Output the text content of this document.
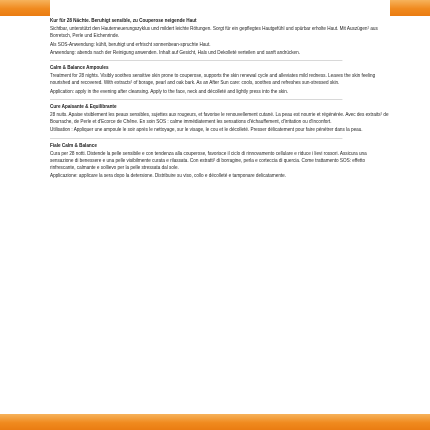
Kur für 28 Nächte. Beruhigt sensible, zu Couperose neigende Haut

Sichtbar, unterstützt den Hauterneuerungszyklus und mildert leichte Rötungen. Sorgt für ein gepflegtes Hautgefühl und spürbar erholte Haut. Mit Auszügen¹ aus Borretsch, Perle und Eichenrinde.

Als SOS-Anwendung: kühlt, beruhigt und erfrischt sonnenbean-spruchte Haut.

Anwendung: abends nach der Reinigung anwenden. Inhalt auf Gesicht, Hals und Dekolleté verteilen und sanft andrücken.

Calm & Balance Ampoules

Treatment for 28 nights. Visibly soothes sensitive skin prone to couperose, supports the skin renewal cycle and alleviates mild redness. Leaves the skin feeling nourished and recovered. With extracts¹ of borage, pearl and oak bark. As an After Sun care: cools, soothes and refreshes sun-stressed skin.

Application: apply in the evening after cleansing. Apply to the face, neck and décolleté and lightly press into the skin.

Cure Apaisante & Equilibrante

28 nuits. Apaise visiblement les peaux sensibles, sujettes aux rougeurs, et favorise le renouvellement cutané. La peau est nourrie et régénérée. Avec des extraits¹ de Bourrache, de Perle et d'Ecorce de Chêne. En soin SOS : calme immédiatement les sensations d'échauffement, d'irritation ou d'inconfort.

Utilisation : Appliquer une ampoule le soir après le nettoyage, sur le visage, le cou et le décolleté. Presser délicatement pour faire pénétrer dans la peau.

Fiale Calm & Balance

Cura per 28 notti. Distende la pelle sensibile e con tendenza alla couperose, favorisce il ciclo di rinnovamento cellulare e riduce i lievi rossori. Assicura una sensazione di benessere e una pelle visibilmente curata e rilassata. Con estratti¹ di borragine, perla e corteccia di quercia. Come trattamento SOS: effetto rinfrescante, calmante e sollievo per la pelle stressata dal sole.

Applicazione: applicare la sera dopo la detersione. Distribuire su viso, collo e décolleté e tamponare delicatamente.
